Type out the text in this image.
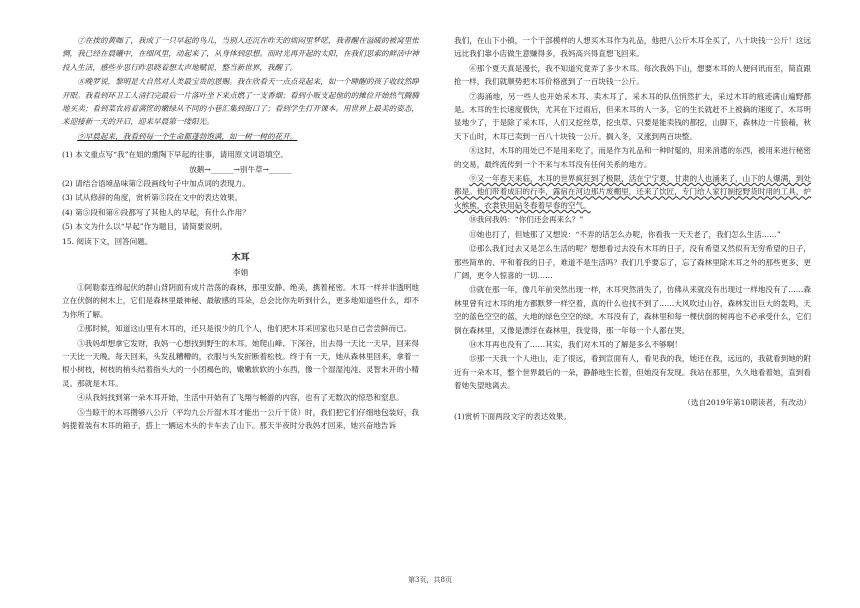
⑦在挨的黄咖了，我成了一只早起的鸟儿，当别人还沉在昨天的烦闷里梦呓，我者醒在溢暖的被窝里怅惆，我已经在晨曦中，在细风里，动起来了，从身体到思想。而时光再开起的太阳，在我们思索的鲜活中神投入生活，感些步思行昨思晓着想太声地赋说，整当新世界，我醒了。

⑧晚罗说，黎明是大自然对人类最宝贵的恩赐。我在欣看天一点点亮起来，如一个睡醒的孩子收纹然睁开眼。我看到环卫工人清扫完最后一片落叶坐下来点燃了一支香烟；看到小贩支起他的的摊位开始热气腾腾地买卖；看到菜农肩着满筐的嫩绿从不同的小巷汇集到街口了；看到学生打开课本。用世界上最美的姿态，来迎接新一天的开启，迎来早晨第一缕阳光。

⑨早晨起来，我看到每一个生命都蓬勃饱满，如一树一树的花开。

(1) 本文重点写“我”在姐的熏陶下早起的往事，请用原文词语填空。

放鹅→______→别牛草→______

(2) 请结合语境品味第②段画线句子中加点词的表现力。

(3) 试从修辞的角度，赏析第⑤段在文中的表达效果。

(4) 第⑤段和第⑥段都写了其他人的早起，有什么作用？

(5) 本文为什么以“早起”作为题目，请简要说明。

15. 阅读下文，回答问题。

木耳

李娟

①阿勒泰连绵起伏的群山背阴面有成片浩荡的森林，那里安静、绝美，携着秘密。木耳一样并非透明地立在伏倒的树木上，它们是森林里最神秘、最敏感的耳朵，总会比你先听到什么，更多地知道些什么，却不为你所了解。

②那时候，知道这山里有木耳的，还只是很少的几个人，他们把木耳采回家也只是自己尝尝鲜而已。

③我妈却想拿它发财，我妈一心想找到野生的木耳。她爬山峰、下深谷，出去得一天比一天早，回来得一天比一天晚。每天回来，头发乱糟糟的，衣服与头发折断着松枝。终于有一天，她从森林里回来，拿着一根小树枝，树枝的梢头结着指头大的一小团褐色的，嫩嫩软软的小东西，像一个湿湿沌沌、灵智未开的小精灵。那就是木耳。

④从我妈找到第一朵木耳开始，生活中开始有了飞翔与畅游的内容，也有了无数次的惊恐和窒息。

⑤当晾干的木耳攒够八公斤（平均九公斤湿木耳才能出一公斤干货）时，我们把它们仔细地包装好，我妈提着装有木耳的箱子，搭上一辆运木头的卡车去了山下。那天半夜时分我妈才回来，她兴奋地告诉

我们，在山下小镇，一个干部模样的人想买木耳作为礼品，他把八公斤木耳全买了，八十块钱一公斤！这远远比我们靠小店做生意赚得多，我妈高兴得直想飞回来。

⑥那个夏天真是漫长，我不知道究竟弄了多少木耳。每次我妈下山，想要木耳的人便问讯而至，简直跟抢一样，我们就顺势把木耳价格涨到了一百块钱一公斤。

⑦海涌地，另一些人也开始采木耳、卖木耳了。采木耳的队伍悄然扩大，采过木耳的痕迹满山遍野都是。木耳的生长速度极快，尤其在下过雨后，但来木耳的人一多，它的生长就赶不上被摘的速度了。木耳明显地少了，于是除了采木耳，人们又挖丝草，挖虫草、只要是能卖钱的都挖，山脚下，森林边一片狼藉，秋天下山时，木耳已卖到一百八十块钱一公斤。搁入冬，又涨到两百块整。

⑧这时，木耳的用处已不是用来吃了，而是作为礼品和一种时髦的，用来消遣的东西，被用来进行秘密的交易，最终流传到一个不来与木耳没有任何关系的地方。

⑨又一年春天来临，木耳的世界疯狂到了极限，活在宁宁夏，甘肃的人也涌来了，山下的人爆满，到处都是。他们带着成旧的行李，露宿在河边那片废棚里，还来了饮匠，专门给人家打制挖野货时用的工具，炉火熊熊，衣裳铁用砧冬春着早春的空气。

⑩我问我妈：“你们还会再来么？”

⑪她也打了，但她那了又想说：“不弄的话怎么办呢，你看我一天天老了，我们怎么生活……”

⑫那么我们过去又是怎么生活的呢？想想看过去没有木耳的日子，没有希望又然似有无穷希望的日子，那些简单的、平和着我的日子，难道不是生活吗？我们几乎要忘了，忘了森林里除木耳之外的那些更多、更广阔，更令人惊喜的一切……

⑬就在那一年，像几年前突然出现一样，木耳突然消失了，仿佛从来就没有出现过一样地没有了……森林里曾有过木耳的地方都默梦一样空着，真的什么也找不到了……大风吹过山谷，森林发出巨大的轰鸣，天空的蓝色空空的蓝，大地的绿色空空的绿。木耳没有了，森林里和每一棵伏倒的树再也不必承受什么，它们倒在森林里，又像是漂浮在森林里，我觉得，那一年每一个人都在哭。

⑭木耳再也没有了……其实，我们对木耳的了解是多么不够啊！

⑮那一天我一个人进山，走了很远，看到宣面有人，看见我的我，她还在我，远远的，我就看到她的附近有一朵木耳，整个世界最后的一朵，静静地生长着，但她没有发现。我站在那里，久久地看着她，直到看着她失望地离去。

（选自2019年第10期读者，有改动）

(1)赏析下面两段文字的表达效果。

第3页，共8页
